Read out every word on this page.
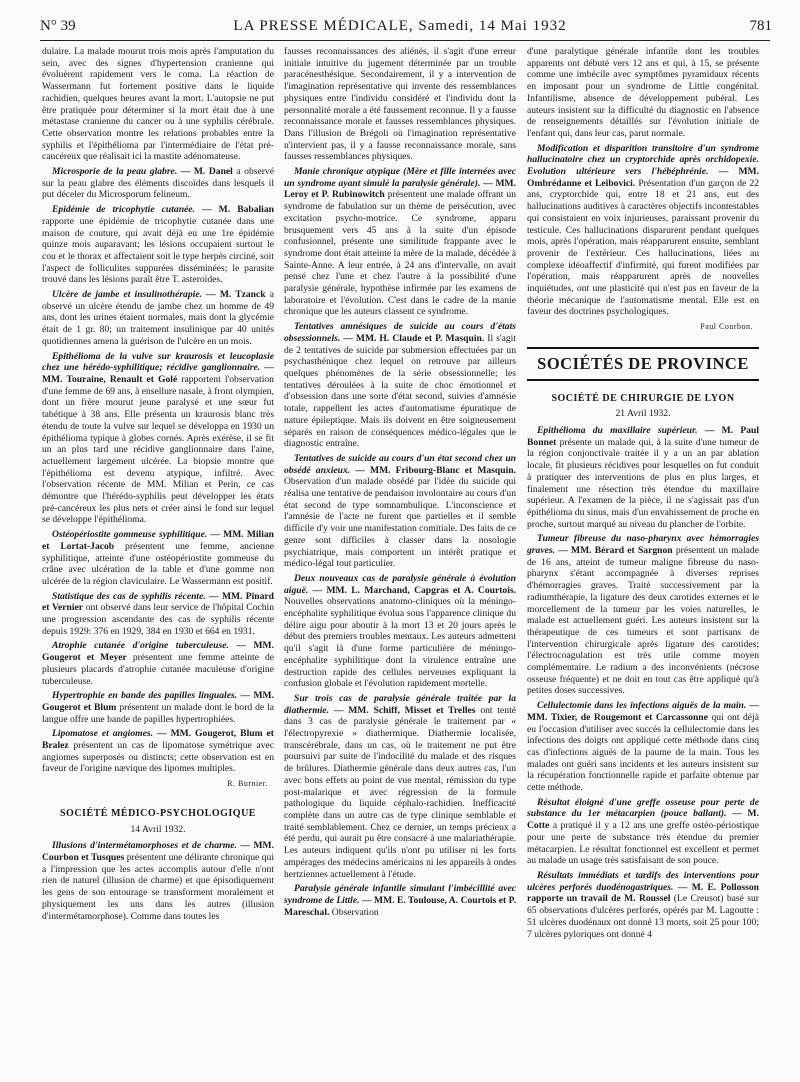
N° 39	LA PRESSE MÉDICALE, Samedi, 14 Mai 1932	781

dulaire. La malade mourut trois mois après l'amputation du sein, avec des signes d'hypertension cranienne qui évoluèrent rapidement vers le coma. La réaction de Wassermann fut fortement positive dans le liquide rachidien, quelques heures avant la mort. L'autopsie ne put être pratiquée pour déterminer si la mort était due à une métastase cranienne du cancer ou à une syphilis cérébrale. Cette observation montre les relations probables entre la syphilis et l'épithélioma par l'intermédiaire de l'état pré-cancéreux que réalisait ici la mastite adénomateuse.

Microsporie de la peau glabre. — M. Danel a observé sur la peau glabre des éléments discoïdes dans lesquels il put déceler du Microsporum felineum.

Epidémie de tricophytie cutanée. — M. Babalian rapporte une épidémie de tricophytie cutanée dans une maison de couture, qui avait déjà eu une 1re épidémie quinze mois auparavant; les lésions occupaient surtout le cou et le thorax et affectaient soit le type herpès circiné, soit l'aspect de folliculites suppurées disséminées; le parasite trouvé dans les lésions paraît être T. asteroïdes.

Ulcère de jambe et insulinothérapie. — M. Tzanck a observé un ulcère étendu de jambe chez un homme de 49 ans, dont les urines étaient normales, mais dont la glycémie était de 1 gr. 80; un traitement insulinique par 40 unités quotidiennes amena la guérison de l'ulcère en un mois.

Epithélioma de la vulve sur kraurosis et leucoplasie chez une hérédo-syphilitique; récidive ganglionnaire. — MM. Touraine, Renault et Golé rapportent l'observation d'une femme de 69 ans, à ensellure nasale, à front olympien, dont un frère mourut jeune paralysé et une sœur fut tabétique à 38 ans. Elle présenta un kraurosis blanc très étendu de toute la vulve sur lequel se développa en 1930 un épithélioma typique à globes cornés. Après exérèse, il se fit un an plus tard une récidive ganglionnaire dans l'aine, actuellement largement ulcérée. La biopsie montre que l'épithélioma est devenu atypique, infiltré. Avec l'observation récente de MM. Milian et Perin, ce cas démontre que l'hérédo-syphilis peut développer les états pré-cancéreux les plus nets et créer ainsi le fond sur lequel se développe l'épithélioma.

Ostéopériostite gommeuse syphilitique. — MM. Milian et Lortat-Jacob présentent une femme, ancienne syphilitique, atteinte d'une ostéopériostite gommeuse du crâne avec ulcération de la table et d'une gomme non ulcérée de la région claviculaire. Le Wassermann est positif.

Statistique des cas de syphilis récente. — MM. Pinard et Vernier ont observé dans leur service de l'hôpital Cochin une progression ascendante des cas de syphilis récente depuis 1929: 376 en 1929, 384 en 1930 et 664 en 1931.

Atrophie cutanée d'origine tuberculeuse. — MM. Gougerot et Meyer présentent une femme atteinte de plusieurs placards d'atrophie cutanée maculeuse d'origine tuberculeuse.

Hypertrophie en bande des papilles linguales. — MM. Gougerot et Blum présentent un malade dont le bord de la langue offre une bande de papilles hypertrophiées.

Lipomatose et angiomes. — MM. Gougerot, Blum et Bralez présentent un cas de lipomatose symétrique avec angiomes superposés ou distincts; cette observation est en faveur de l'origine nævique des lipomes multiples.

R. Burnier.
SOCIÉTÉ MÉDICO-PSYCHOLOGIQUE
14 Avril 1932.

Illusions d'intermétamorphoses et de charme. — MM. Courbon et Tusques présentent une délirante chronique qui a l'impression que les actes accomplis autour d'elle n'ont rien de naturel (illusion de charme) et que épisodiquement les gens de son entourage se transforment moralement et physiquement les uns dans les autres (illusion d'intermétamorphose). Comme dans toutes les

fausses reconnaissances des aliénés, il s'agit d'une erreur initiale intuitive du jugement déterminée par un trouble paracénesthésique. Secondairement, il y a intervention de l'imagination représentative qui invente des ressemblances physiques entre l'individu considéré et l'individu dont la personnalité morale a été faussement reconnue. Il y a fausse reconnaissance morale et fausses ressemblances physiques. Dans l'illusion de Brégoli où l'imagination représentative n'intervient pas, il y a fausse reconnaissance morale, sans fausses ressemblances physiques.

Manie chronique atypique (Mère et fille internées avec un syndrome ayant simulé la paralysie générale). — MM. Leroy et P. Rubinowitch présentent une malade offrant un syndrome de fabulation sur un thème de persécution, avec excitation psycho-motrice. Ce syndrome, apparu brusquement vers 45 ans à la suite d'un épisode confusionnel, présente une similitude frappante avec le syndrome dont était atteinte la mère de la malade, décédée à Sainte-Anne. A leur entrée, à 24 ans d'intervalle, on avait pensé chez l'une et chez l'autre à la possibilité d'une paralysie générale, hypothèse infirmée par les examens de laboratoire et l'évolution. C'est dans le cadre de la manie chronique que les auteurs classent ce syndrome.

Tentatives amnésiques de suicide au cours d'états obsessionnels. — MM. H. Claude et P. Masquin. Il s'agit de 2 tentatives de suicide par submersion effectuées par un psychasthénique chez lequel on retrouve par ailleurs quelques phénomènes de la série obsessionnelle; les tentatives déroulées à la suite de choc émotionnel et d'obsession dans une sorte d'état second, suivies d'amnésie totale, rappellent les actes d'automatisme épuratique de nature épileptique. Mais ils doivent en être soigneusement séparés en raison de conséquences médico-légales que le diagnostic entraîne.

Tentatives de suicide au cours d'un état second chez un obsédé anxieux. — MM. Fribourg-Blanc et Masquin. Observation d'un malade obsédé par l'idée du suicide qui réalisa une tentative de pendaison involontaire au cours d'un état second de type somnambulique. L'inconscience et l'amnésie de l'acte ne furent que partielles et il semble difficile d'y voir une manifestation comitiale. Des faits de ce genre sont difficiles à classer dans la nosologie psychiatrique, mais comportent un intérêt pratique et médico-légal tout particulier.

Deux nouveaux cas de paralysie générale à évolution aiguë. — MM. L. Marchand, Capgras et A. Courtois. Nouvelles observations anatomo-cliniques où la méningo-encéphalite syphilitique évolua sous l'apparence clinique du délire aigu pour aboutir à la mort 13 et 20 jours après le début des premiers troubles mentaux. Les auteurs admettent qu'il s'agit là d'une forme particulière de méningo-encéphalite syphilitique dont la virulence entraîne une destruction rapide des cellules nerveuses expliquant la confusion globale et l'évolution rapidement mortelle.

Sur trois cas de paralysie générale traitée par la diathermie. — MM. Schiff, Misset et Trelles ont tenté dans 3 cas de paralysie générale le traitement par « l'électropyrexie » diathermique. Diathermie localisée, transcérébrale, dans un cas, où le traitement ne put être poursuivi par suite de l'indocilité du malade et des risques de brûlures. Diathermie générale dans deux autres cas, l'un avec bons effets au point de vue mental, rémission du type post-malarique et avec régression de la formule pathologique du liquide céphalo-rachidien. Inefficacité complète dans un autre cas de type clinique semblable et traité semblablement. Chez ce dernier, un temps précieux a été perdu, qui aurait pu être consacré à une malariathérapie. Les auteurs indiquent qu'ils n'ont pu utiliser ni les forts ampérages des médecins américains ni les appareils à ondes hertziennes actuellement à l'étude.

Paralysie générale infantile simulant l'imbécillité avec syndrome de Little. — MM. E. Toulouse, A. Courtois et P. Mareschal. Observation

d'une paralytique générale infantile dont les troubles apparents ont débuté vers 12 ans et qui, à 15, se présente comme une imbécile avec symptômes pyramidaux récents en imposant pour un syndrome de Little congénital. Infantilisme, absence de développement pubéral. Les auteurs insistent sur la difficulté du diagnostic en l'absence de renseignements détaillés sur l'évolution initiale de l'enfant qui, dans leur cas, parut normale.

Modification et disparition transitoire d'un syndrome hallucinatoire chez un cryptorchide après orchidopexie. Evolution ultérieure vers l'hébéphrénie. — MM. Ombrédanne et Leibovici. Présentation d'un garçon de 22 ans, cryptorchide qui, entre 18 et 21 ans, eut des hallucinations auditives à caractères objectifs incontestables qui consistaient en voix injurieuses, paraissant provenir du testicule. Ces hallucinations disparurent pendant quelques mois, après l'opération, mais réapparurent ensuite, semblant provenir de l'extérieur. Ces hallucinations, liées au complexe idéoaffectif d'infirmité, qui furent modifiées par l'opération, mais réapparurent après de nouvelles inquiétudes, ont une plasticité qui n'est pas en faveur de la théorie mécanique de l'automatisme mental. Elle est en faveur des doctrines psychologiques.

Paul Courbon.
SOCIÉTÉS DE PROVINCE
SOCIÉTÉ DE CHIRURGIE DE LYON
21 Avril 1932.

Epithélioma du maxillaire supérieur. — M. Paul Bonnet présente un malade qui, à la suite d'une tumeur de la région conjonctivale traitée il y a un an par ablation locale, fit plusieurs récidives pour lesquelles on fut conduit à pratiquer des interventions de plus en plus larges, et finalement une résection très étendue du maxillaire supérieur. A l'examen de la pièce, il ne s'agissait pas d'un épithélioma du sinus, mais d'un envahissement de proche en proche, surtout marqué au niveau du plancher de l'orbite.

Tumeur fibreuse du naso-pharynx avec hémorragies graves. — MM. Bérard et Sargnon présentent un malade de 16 ans, atteint de tumeur maligne fibreuse du naso-pharynx s'étant accompagnée à diverses reprises d'hémorragies graves. Traité successivement par la radiumthérapie, la ligature des deux carotides externes et le morcellement de la tumeur par les voies naturelles, le malade est actuellement guéri. Les auteurs insistent sur la thérapeutique de ces tumeurs et sont partisans de l'intervention chirurgicale après ligature des carotides; l'électrocoagulation est très utile comme moyen complémentaire. Le radium a des inconvénients (nécrose osseuse fréquente) et ne doit en tout cas être appliqué qu'à petites doses successives.

Cellulectomie dans les infections aiguës de la main. — MM. Tixier, de Rougemont et Carcassonne qui ont déjà eu l'occasion d'utiliser avec succès la cellulectomie dans les infections des doigts ont appliqué cette méthode dans cinq cas d'infections aiguës de la paume de la main. Tous les malades ont guéri sans incidents et les auteurs insistent sur la récupération fonctionnelle rapide et parfaite obtenue par cette méthode.

Résultat éloigné d'une greffe osseuse pour perte de substance du 1er métacarpien (pouce ballant). — M. Cotte a pratiqué il y a 12 ans une greffe ostéo-périostique pour une perte de substance très étendue du premier métacarpien. Le résultat fonctionnel est excellent et permet au malade un usage très satisfaisant de son pouce.

Résultats immédiats et tardifs des interventions pour ulcères perforés duodénogastriques. — M. E. Pollosson rapporte un travail de M. Roussel (Le Creusot) basé sur 65 observations d'ulcères perforés, opérés par M. Lagoutte : 51 ulcères duodénaux ont donné 13 morts, soit 25 pour 100; 7 ulcères pyloriques ont donné 4
